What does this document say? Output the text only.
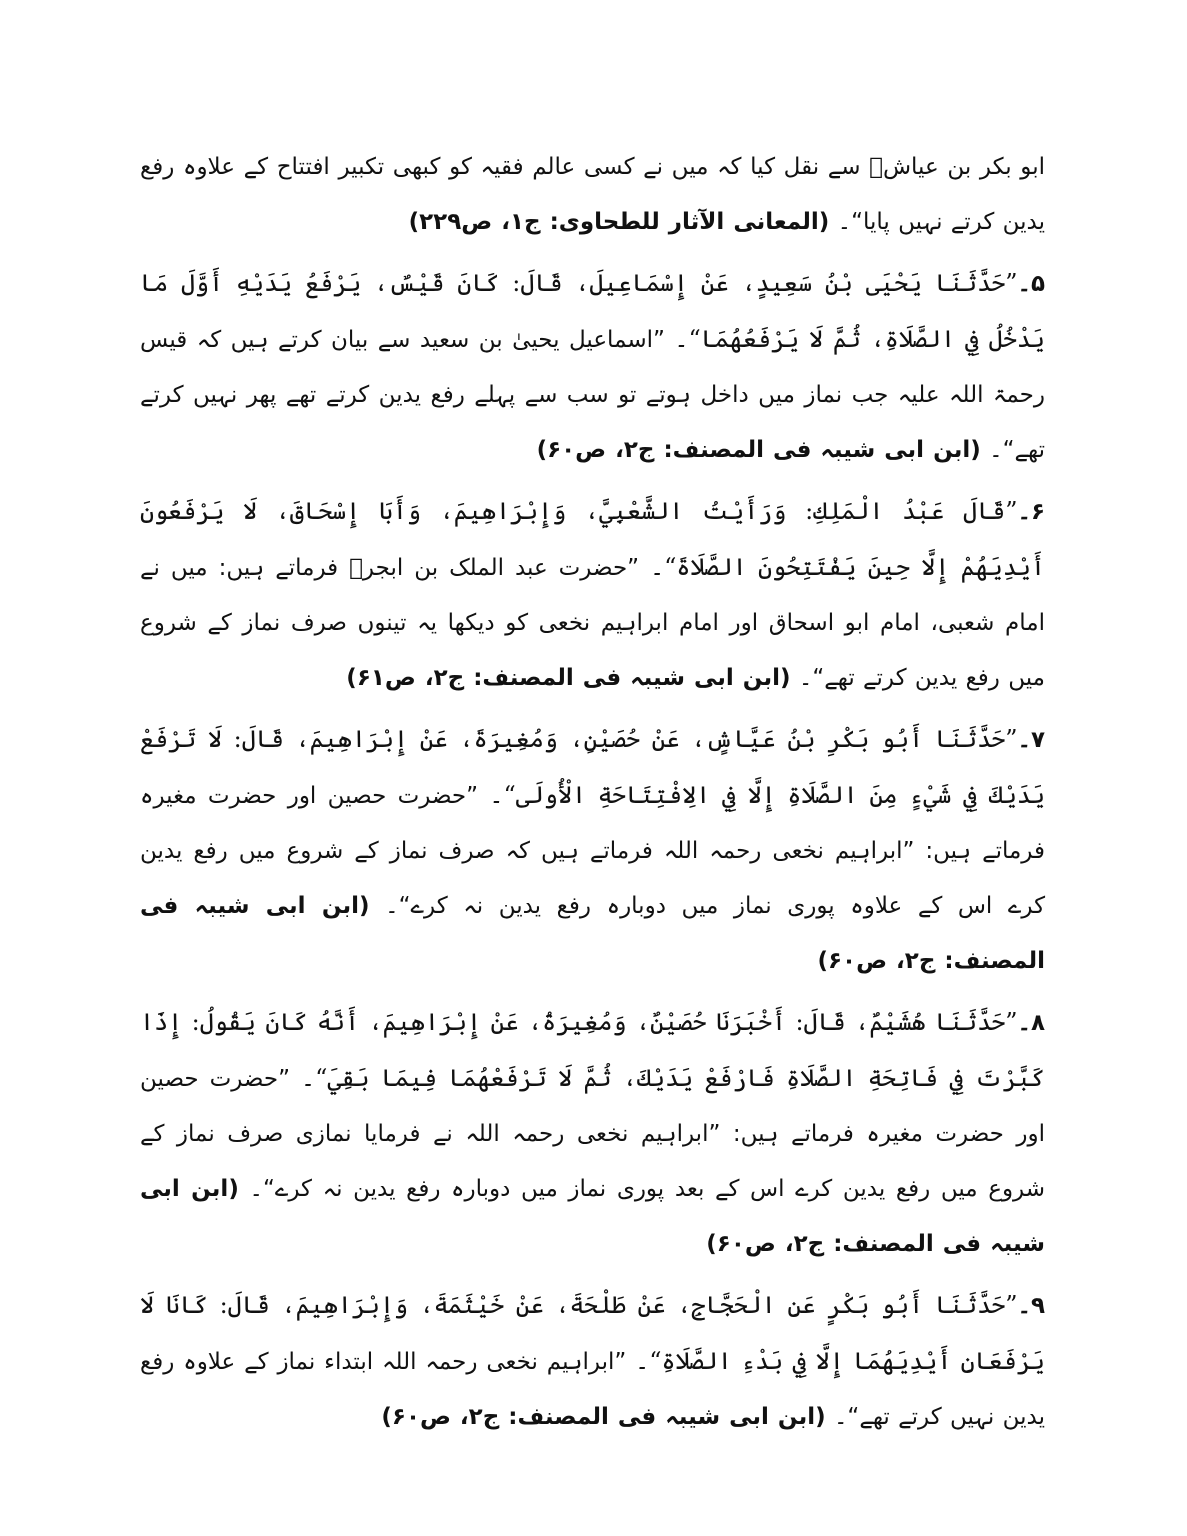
ابو بکر بن عیاشؒ سے نقل کیا کہ میں نے کسی عالم فقیہ کو کبھی تکبیر افتتاح کے علاوہ رفع یدین کرتے نہیں پایا“۔ (المعانی الآثار للطحاوی: ج۱، ص۲۲۹)

۵۔”حَدَّثَنَا يَحْيَى بْنُ سَعِيدٍ، عَنْ إِسْمَاعِيلَ، قَالَ: كَانَ قَيْسٌ، يَرْفَعُ يَدَيْهِ أَوَّلَ مَا يَدْخُلُ فِي الصَّلَاةِ، ثُمَّ لَا يَرْفَعُهُمَا“۔ ”اسماعیل یحییٰ بن سعید سے بیان کرتے ہیں کہ قیس رحمۃ اللہ علیہ جب نماز میں داخل ہوتے تو سب سے پہلے رفع یدین کرتے تھے پھر نہیں کرتے تھے“۔ (ابن ابی شیبہ فی المصنف: ج۲، ص۶۰)

۶۔”قَالَ عَبْدُ الْمَلِكِ: وَرَأَيْتُ الشَّعْبِيَّ، وَإِبْرَاهِيمَ، وَأَبَا إِسْحَاقَ، لَا يَرْفَعُونَ أَيْدِيَهُمْ إِلَّا حِينَ يَفْتَتِحُونَ الصَّلَاةَ“۔ ”حضرت عبد الملک بن ابجرؒ فرماتے ہیں: میں نے امام شعبی، امام ابو اسحاق اور امام ابراہیم نخعی کو دیکھا یہ تینوں صرف نماز کے شروع میں رفع یدین کرتے تھے“۔ (ابن ابی شیبہ فی المصنف: ج۲، ص۶۱)

۷۔”حَدَّثَنَا أَبُو بَكْرِ بْنُ عَيَّاشٍ، عَنْ حُصَيْنٍ، وَمُغِيرَةَ، عَنْ إِبْرَاهِيمَ، قَالَ: لَا تَرْفَعْ يَدَيْكَ فِي شَيْءٍ مِنَ الصَّلَاةِ إِلَّا فِي الِافْتِتَاحَةِ الْأُولَى“۔ ”حضرت حصین اور حضرت مغیرہ فرماتے ہیں: ”ابراہیم نخعی رحمہ اللہ فرماتے ہیں کہ صرف نماز کے شروع میں رفع یدین کرے اس کے علاوہ پوری نماز میں دوبارہ رفع یدین نہ کرے“۔ (ابن ابی شیبہ فی المصنف: ج۲، ص۶۰)

۸۔”حَدَّثَنَا هُشَيْمٌ، قَالَ: أَخْبَرَنَا حُصَيْنٌ، وَمُغِيرَةُ، عَنْ إِبْرَاهِيمَ، أَنَّهُ كَانَ يَقُولُ: إِذَا كَبَّرْتَ فِي فَاتِحَةِ الصَّلَاةِ فَارْفَعْ يَدَيْكَ، ثُمَّ لَا تَرْفَعْهُمَا فِيمَا بَقِيَ“۔ ”حضرت حصین اور حضرت مغیرہ فرماتے ہیں: ”ابراہیم نخعی رحمہ اللہ نے فرمایا نمازی صرف نماز کے شروع میں رفع یدین کرے اس کے بعد پوری نماز میں دوبارہ رفع یدین نہ کرے“۔ (ابن ابی شیبہ فی المصنف: ج۲، ص۶۰)

۹۔”حَدَّثَنَا أَبُو بَكْرٍ عَنِ الْحَجَّاجِ، عَنْ طَلْحَةَ، عَنْ خَيْثَمَةَ، وَإِبْرَاهِيمَ، قَالَ: كَانَا لَا يَرْفَعَانِ أَيْدِيَهُمَا إِلَّا فِي بَدْءِ الصَّلَاةِ“۔ ”ابراہیم نخعی رحمہ اللہ ابتداء نماز کے علاوہ رفع یدین نہیں کرتے تھے“۔ (ابن ابی شیبہ فی المصنف: ج۲، ص۶۰)
